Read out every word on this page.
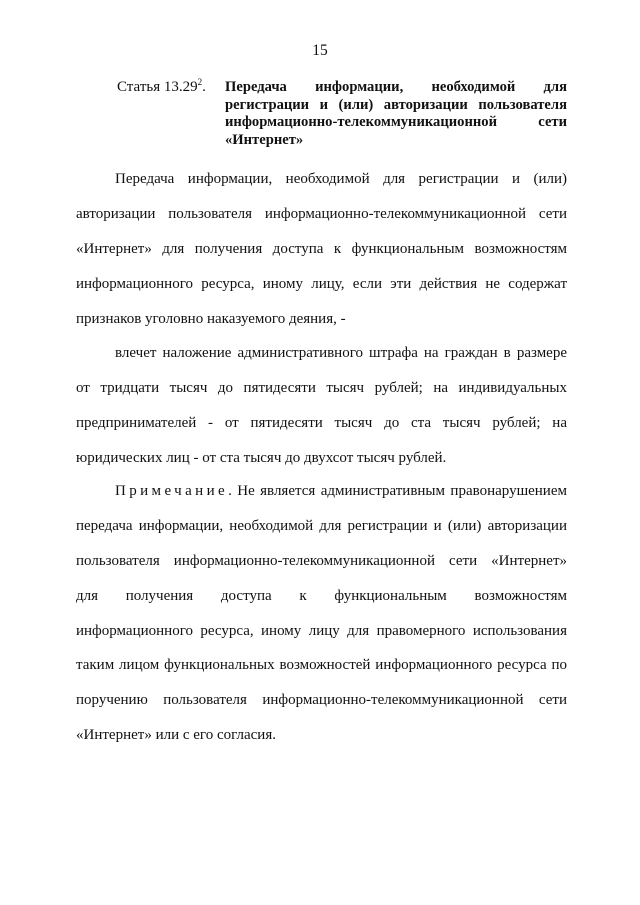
15
Статья 13.29$^2$.	Передача информации, необходимой для
регистрации и (или) авторизации пользователя
информационно-телекоммуникационной сети
«Интернет»
Передача информации, необходимой для регистрации и (или)
авторизации пользователя информационно-телекоммуникационной сети
«Интернет» для получения доступа к функциональным возможностям
информационного ресурса, иному лицу, если эти действия не содержат
признаков уголовно наказуемого деяния, -
влечет наложение административного штрафа на граждан в размере
от тридцати тысяч до пятидесяти тысяч рублей; на индивидуальных
предпринимателей - от пятидесяти тысяч до ста тысяч рублей; на
юридических лиц - от ста тысяч до двухсот тысяч рублей.
Примечание. Не является административным правонарушением
передача информации, необходимой для регистрации и (или) авторизации
пользователя информационно-телекоммуникационной сети «Интернет»
для получения доступа к функциональным возможностям
информационного ресурса, иному лицу для правомерного использования
таким лицом функциональных возможностей информационного ресурса по
поручению пользователя информационно-телекоммуникационной сети
«Интернет» или с его согласия.
